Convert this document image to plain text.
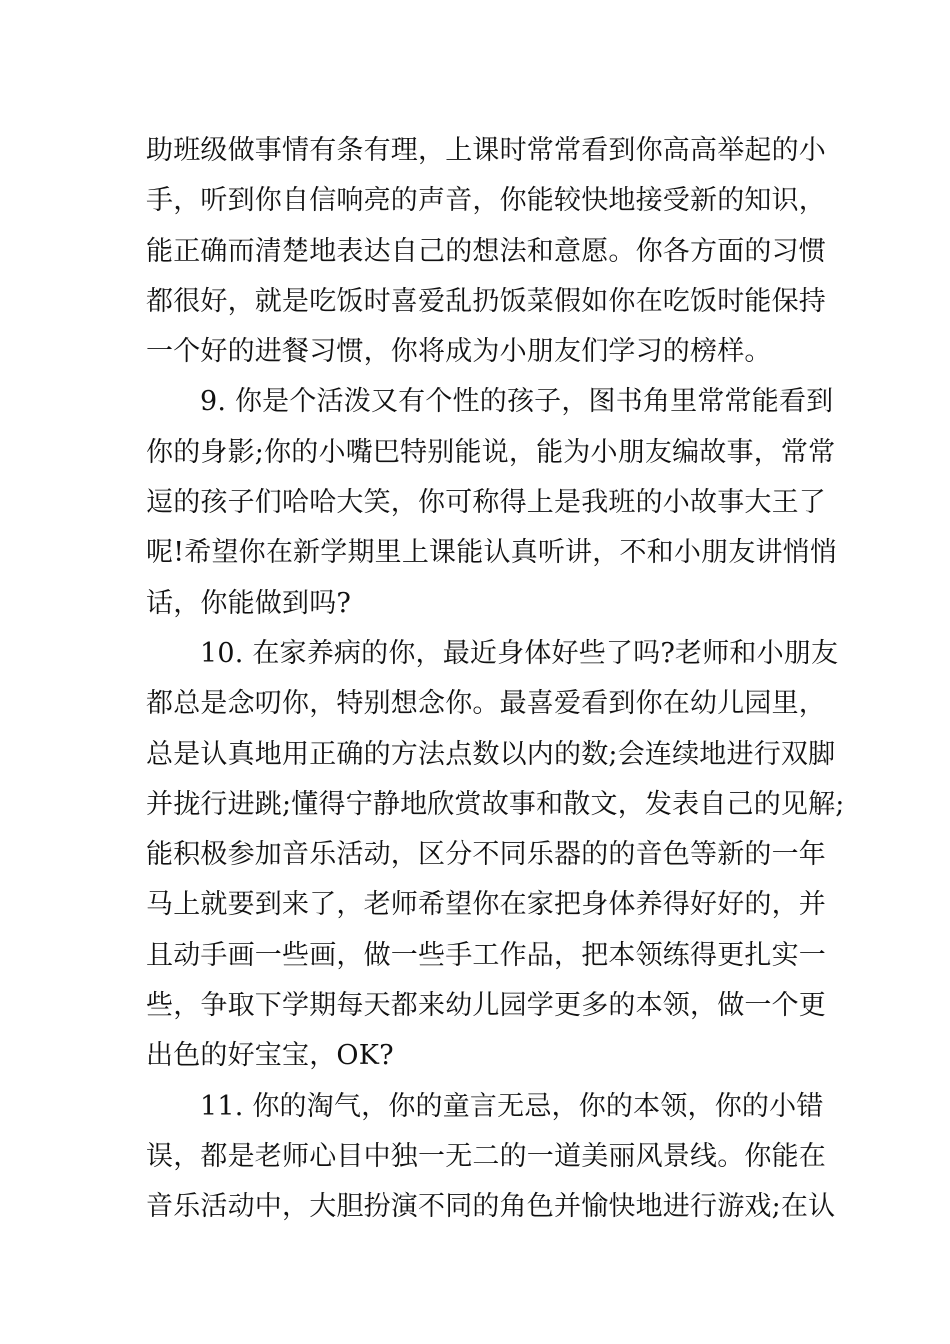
助班级做事情有条有理，上课时常常看到你高高举起的小
手，听到你自信响亮的声音，你能较快地接受新的知识，
能正确而清楚地表达自己的想法和意愿。你各方面的习惯
都很好，就是吃饭时喜爱乱扔饭菜假如你在吃饭时能保持
一个好的进餐习惯，你将成为小朋友们学习的榜样。
9. 你是个活泼又有个性的孩子，图书角里常常能看到
你的身影;你的小嘴巴特别能说，能为小朋友编故事，常常
逗的孩子们哈哈大笑，你可称得上是我班的小故事大王了
呢!希望你在新学期里上课能认真听讲，不和小朋友讲悄悄
话，你能做到吗?
10. 在家养病的你，最近身体好些了吗?老师和小朋友
都总是念叨你，特别想念你。最喜爱看到你在幼儿园里，
总是认真地用正确的方法点数以内的数;会连续地进行双脚
并拢行进跳;懂得宁静地欣赏故事和散文，发表自己的见解;
能积极参加音乐活动，区分不同乐器的的音色等新的一年
马上就要到来了，老师希望你在家把身体养得好好的，并
且动手画一些画，做一些手工作品，把本领练得更扎实一
些，争取下学期每天都来幼儿园学更多的本领，做一个更
出色的好宝宝，OK?
11. 你的淘气，你的童言无忌，你的本领，你的小错
误，都是老师心目中独一无二的一道美丽风景线。你能在
音乐活动中，大胆扮演不同的角色并愉快地进行游戏;在认
